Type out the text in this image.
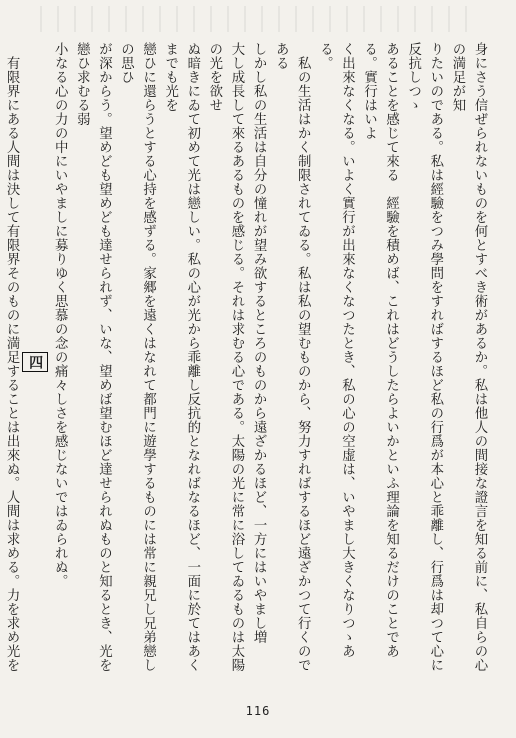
身にさう信ぜられないものを何とすべき術があるか。私は他人の間接な證言を知る前に、私自らの心の満足が知

りたいのである。私は經驗をつみ學問をすればするほど私の行爲が本心と乖離し、行爲は却つて心に反抗しつゝ

あることを感じて來る　經驗を積めば、これはどうしたらよいかといふ理論を知るだけのことである。實行はいよ

く出來なくなる。いよく實行が出來なくなつたとき、私の心の空虚は、いやまし大きくなりつゝある。

　私の生活はかく制限されてゐる。私は私の望むものから、努力すればするほど遠ざかつて行くのである

しかし私の生活は自分の憧れが望み欲するところのものから遠ざかるほど、一方にはいやまし増

大し成長して來るあるものを感じる。それは求むる心である。太陽の光に常に浴してゐるものは太陽の光を欲せ

ぬ暗きにゐて初めて光は戀しい。私の心が光から乖離し反抗的となればなるほど、一面に於てはあくまでも光を

戀ひに還らうとする心持を感ずる。家郷を遠くはなれて都門に遊學するものには常に親兄し兄弟戀しの思ひ

が深からう。望めども望めども達せられず、いな、望めば望むほど達せられぬものと知るとき、光を戀ひ求むる弱

小なる心の力の中にいやましに募りゆく思慕の念の痛々しさを感じないではゐられぬ。

四

　有限界にある人間は決して有限界そのものに満足することは出來ぬ。人間は求める。力を求め光を

116
